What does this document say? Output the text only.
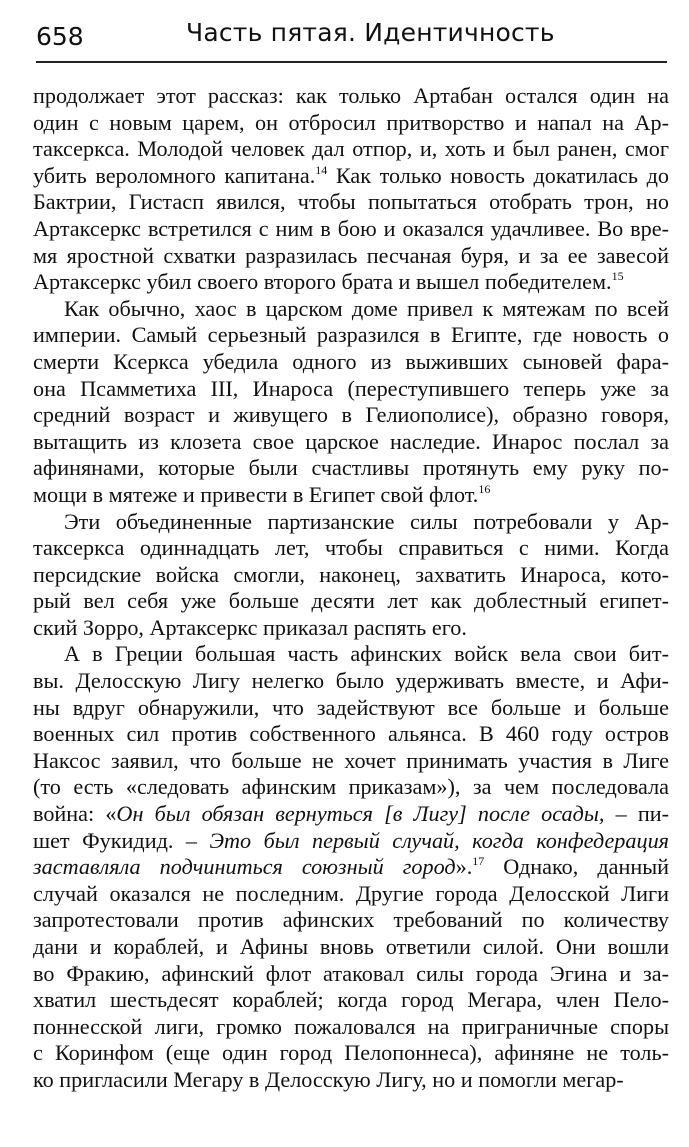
658	Часть пятая. Идентичность
продолжает этот рассказ: как только Артабан остался один на
один с новым царем, он отбросил притворство и напал на Ар-
таксеркса. Молодой человек дал отпор, и, хоть и был ранен, смог
убить вероломного капитана.$^{14}$ Как только новость докатилась до
Бактрии, Гистасп явился, чтобы попытаться отобрать трон, но
Артаксеркс встретился с ним в бою и оказался удачливее. Во вре-
мя яростной схватки разразилась песчаная буря, и за ее завесой
Артаксеркс убил своего второго брата и вышел победителем.$^{15}$
Как обычно, хаос в царском доме привел к мятежам по всей
империи. Самый серьезный разразился в Египте, где новость о
смерти Ксеркса убедила одного из выживших сыновей фара-
она Псамметиха III, Инароса (переступившего теперь уже за
средний возраст и живущего в Гелиополисе), образно говоря,
вытащить из клозета свое царское наследие. Инарос послал за
афинянами, которые были счастливы протянуть ему руку по-
мощи в мятеже и привести в Египет свой флот.$^{16}$
Эти объединенные партизанские силы потребовали у Ар-
таксеркса одиннадцать лет, чтобы справиться с ними. Когда
персидские войска смогли, наконец, захватить Инароса, кото-
рый вел себя уже больше десяти лет как доблестный египет-
ский Зорро, Артаксеркс приказал распять его.
А в Греции большая часть афинских войск вела свои бит-
вы. Делосскую Лигу нелегко было удерживать вместе, и Афи-
ны вдруг обнаружили, что задействуют все больше и больше
военных сил против собственного альянса. В 460 году остров
Наксос заявил, что больше не хочет принимать участия в Лиге
(то есть «следовать афинским приказам»), за чем последовала
война: «Он был обязан вернуться [в Лигу] после осады, – пи-
шет Фукидид. – Это был первый случай, когда конфедерация
заставляла подчиниться союзный город».$^{17}$ Однако, данный
случай оказался не последним. Другие города Делосской Лиги
запротестовали против афинских требований по количеству
дани и кораблей, и Афины вновь ответили силой. Они вошли
во Фракию, афинский флот атаковал силы города Эгина и за-
хватил шестьдесят кораблей; когда город Мегара, член Пело-
поннесской лиги, громко пожаловался на приграничные споры
с Коринфом (еще один город Пелопоннеса), афиняне не толь-
ко пригласили Мегару в Делосскую Лигу, но и помогли мегар-
